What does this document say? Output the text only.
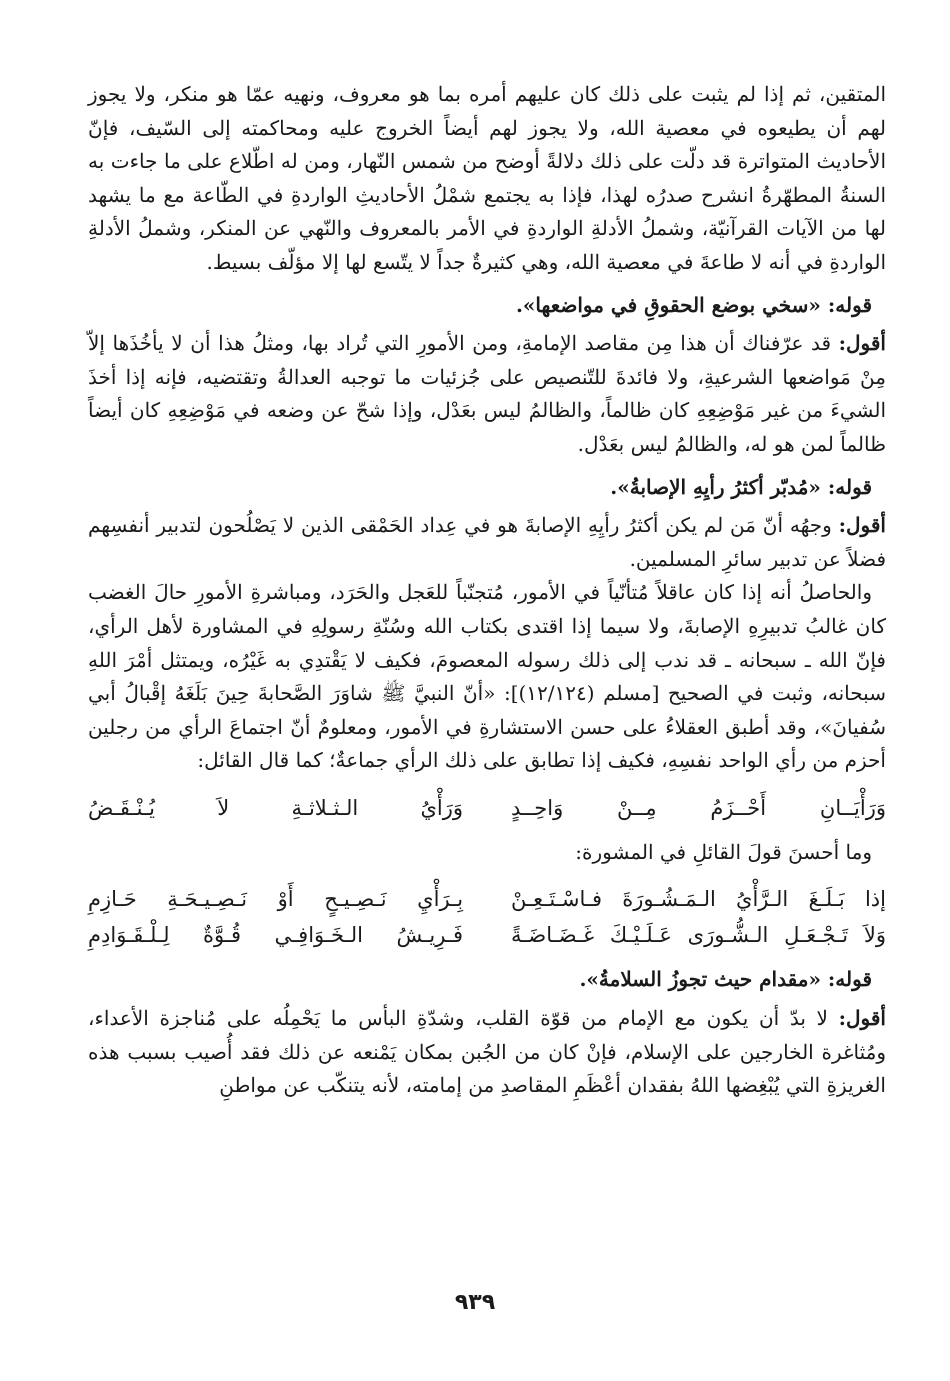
المتقين، ثم إذا لم يثبت على ذلك كان عليهم أمره بما هو معروف، ونهيه عمّا هو منكر، ولا يجوز لهم أن يطيعوه في معصية الله، ولا يجوز لهم أيضاً الخروج عليه ومحاكمته إلى السّيف، فإنّ الأحاديث المتواترة قد دلّت على ذلك دلالةً أوضح من شمس النّهار، ومن له اطّلاع على ما جاءت به السنةُ المطهّرةُ انشرح صدرُه لهذا، فإذا به يجتمع شمْلُ الأحاديثِ الواردةِ في الطّاعة مع ما يشهد لها من الآيات القرآنيّة، وشملُ الأدلةِ الواردةِ في الأمر بالمعروف والنّهي عن المنكر، وشملُ الأدلةِ الواردةِ في أنه لا طاعةَ في معصية الله، وهي كثيرةٌ جداً لا يتّسع لها إلا مؤلّف بسيط.

قوله: «سخي بوضع الحقوقِ في مواضعها».

أقول: قد عرّفناك أن هذا مِن مقاصد الإمامةِ، ومن الأمورِ التي تُراد بها، ومثلُ هذا أن لا يأخُذَها إلاّ مِنْ مَواضعها الشرعيةِ، ولا فائدةَ للتّنصيص على جُزئيات ما توجبه العدالةُ وتقتضيه، فإنه إذا أخذَ الشيءَ من غير مَوْضِعِهِ كان ظالماً، والظالمُ ليس بعَدْل، وإذا شحّ عن وضعه في مَوْضِعِهِ كان أيضاً ظالماً لمن هو له، والظالمُ ليس بعَدْل.

قوله: «مُدبّر أكثرُ رأيِهِ الإصابةُ».

أقول: وجهُه أنّ مَن لم يكن أكثرُ رأيِهِ الإصابةَ هو في عِداد الحَمْقى الذين لا يَصْلُحون لتدبير أنفسِهم فضلاً عن تدبير سائرِ المسلمين.

والحاصلُ أنه إذا كان عاقلاً مُتأنّياً في الأمور، مُتجنّباً للعَجل والحَرَد، ومباشرةِ الأمورِ حالَ الغضب كان غالبُ تدبيرِهِ الإصابةَ، ولا سيما إذا اقتدى بكتاب الله وسُنّةِ رسولِهِ في المشاورة لأهل الرأي، فإنّ الله ـ سبحانه ـ قد ندب إلى ذلك رسوله المعصومَ، فكيف لا يَقْتدِي به غَيْرُه، ويمتثل أمْرَ اللهِ سبحانه، وثبت في الصحيح [مسلم (١٢/١٢٤)]: «أنّ النبيَّ ﷺ شاوَرَ الصَّحابةَ حِينَ بَلَغَهُ إقْبالُ أبي سُفيانَ»، وقد أطبق العقلاءُ على حسن الاستشارةِ في الأمور، ومعلومٌ أنّ اجتماعَ الرأي من رجلين أحزم من رأي الواحد نفسِهِ، فكيف إذا تطابق على ذلك الرأي جماعةٌ؛ كما قال القائل:

وَرَأْيَــانِ أَحْــزَمُ مِــنْ وَاحِــدٍ
وَرَأْيُ الـثـلاثـةِ لاَ يُـنْـقَـضُ

وما أحسنَ قولَ القائلِ في المشورة:

إذا بَـلَـغَ الـرَّأْيُ الـمَـشُـورَةَ فـاسْـتَـعِـنْ
بِـرَأْيِ نَـصِـيـحٍ أَوْ نَـصِـيـحَـةِ حَـازِمِ
وَلاَ تَـجْـعَـلِ الـشُّـورَى عَـلَـيْـكَ غَـضَـاضَـةً
فَـرِيـشُ الـخَـوَافِـي قُـوَّةٌ لِـلْـقَـوَادِمِ

قوله: «مقدام حيث تجوزُ السلامةُ».

أقول: لا بدّ أن يكون مع الإمام من قوّة القلب، وشدّةِ البأس ما يَحْمِلُه على مُناجزة الأعداء، ومُثاغرة الخارجين على الإسلام، فإنْ كان من الجُبن بمكان يَمْنعه عن ذلك فقد أُصيب بسبب هذه الغريزةِ التي يُبْغِضها اللهُ بفقدان أعْظَمِ المقاصدِ من إمامته، لأنه يتنكّب عن مواطنِ

٩٣٩
